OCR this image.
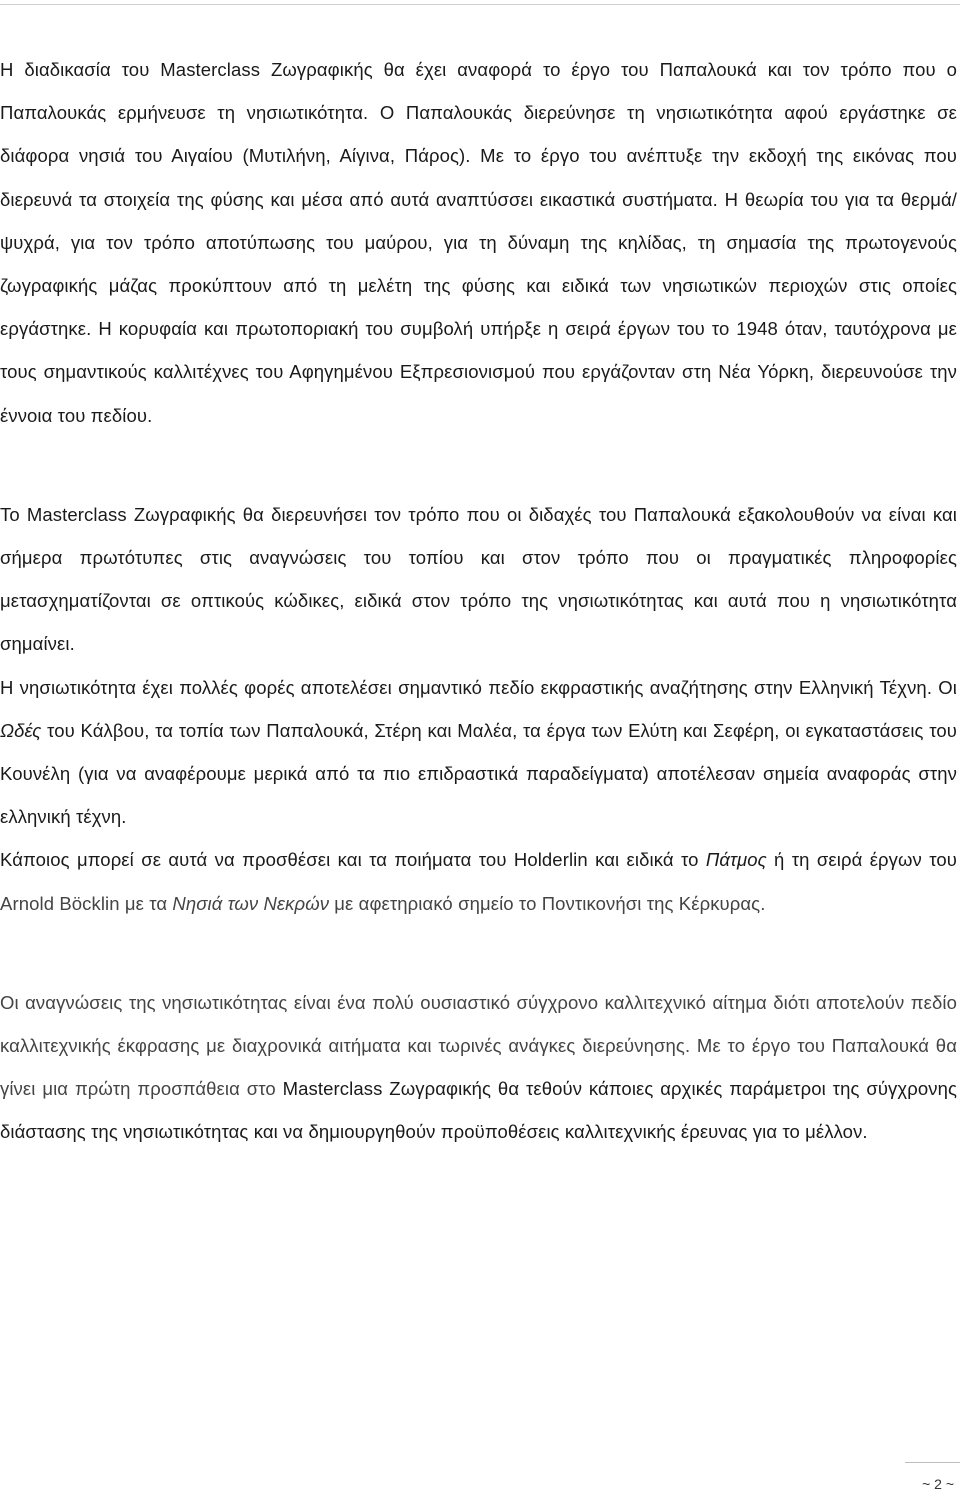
Η διαδικασία του Masterclass Ζωγραφικής θα έχει αναφορά το έργο του Παπαλουκά και τον τρόπο που ο Παπαλουκάς ερμήνευσε τη νησιωτικότητα. Ο Παπαλουκάς διερεύνησε τη νησιωτικότητα αφού εργάστηκε σε διάφορα νησιά του Αιγαίου (Μυτιλήνη, Αίγινα, Πάρος). Με το έργο του ανέπτυξε την εκδοχή της εικόνας που διερευνά τα στοιχεία της φύσης και μέσα από αυτά αναπτύσσει εικαστικά συστήματα. Η θεωρία του για τα θερμά/ψυχρά, για τον τρόπο αποτύπωσης του μαύρου, για τη δύναμη της κηλίδας, τη σημασία της πρωτογενούς ζωγραφικής μάζας προκύπτουν από τη μελέτη της φύσης και ειδικά των νησιωτικών περιοχών στις οποίες εργάστηκε. Η κορυφαία και πρωτοποριακή του συμβολή υπήρξε η σειρά έργων του το 1948 όταν, ταυτόχρονα με τους σημαντικούς καλλιτέχνες του Αφηγημένου Εξπρεσιονισμού που εργάζονταν στη Νέα Υόρκη, διερευνούσε την έννοια του πεδίου.

Το Masterclass Ζωγραφικής θα διερευνήσει τον τρόπο που οι διδαχές του Παπαλουκά εξακολουθούν να είναι και σήμερα πρωτότυπες στις αναγνώσεις του τοπίου και στον τρόπο που οι πραγματικές πληροφορίες μετασχηματίζονται σε οπτικούς κώδικες, ειδικά στον τρόπο της νησιωτικότητας και αυτά που η νησιωτικότητα σημαίνει.

Η νησιωτικότητα έχει πολλές φορές αποτελέσει σημαντικό πεδίο εκφραστικής αναζήτησης στην Ελληνική Τέχνη. Οι Ωδές του Κάλβου, τα τοπία των Παπαλουκά, Στέρη και Μαλέα, τα έργα των Ελύτη και Σεφέρη, οι εγκαταστάσεις του Κουνέλη (για να αναφέρουμε μερικά από τα πιο επιδραστικά παραδείγματα) αποτέλεσαν σημεία αναφοράς στην ελληνική τέχνη.

Κάποιος μπορεί σε αυτά να προσθέσει και τα ποιήματα του Holderlin και ειδικά το Πάτμος ή τη σειρά έργων του Arnold Böcklin με τα Νησιά των Νεκρών με αφετηριακό σημείο το Ποντικονήσι της Κέρκυρας.

Οι αναγνώσεις της νησιωτικότητας είναι ένα πολύ ουσιαστικό σύγχρονο καλλιτεχνικό αίτημα διότι αποτελούν πεδίο καλλιτεχνικής έκφρασης με διαχρονικά αιτήματα και τωρινές ανάγκες διερεύνησης. Με το έργο του Παπαλουκά θα γίνει μια πρώτη προσπάθεια στο Masterclass Ζωγραφικής θα τεθούν κάποιες αρχικές παράμετροι της σύγχρονης διάστασης της νησιωτικότητας και να δημιουργηθούν προϋποθέσεις καλλιτεχνικής έρευνας για το μέλλον.

~ 2 ~
